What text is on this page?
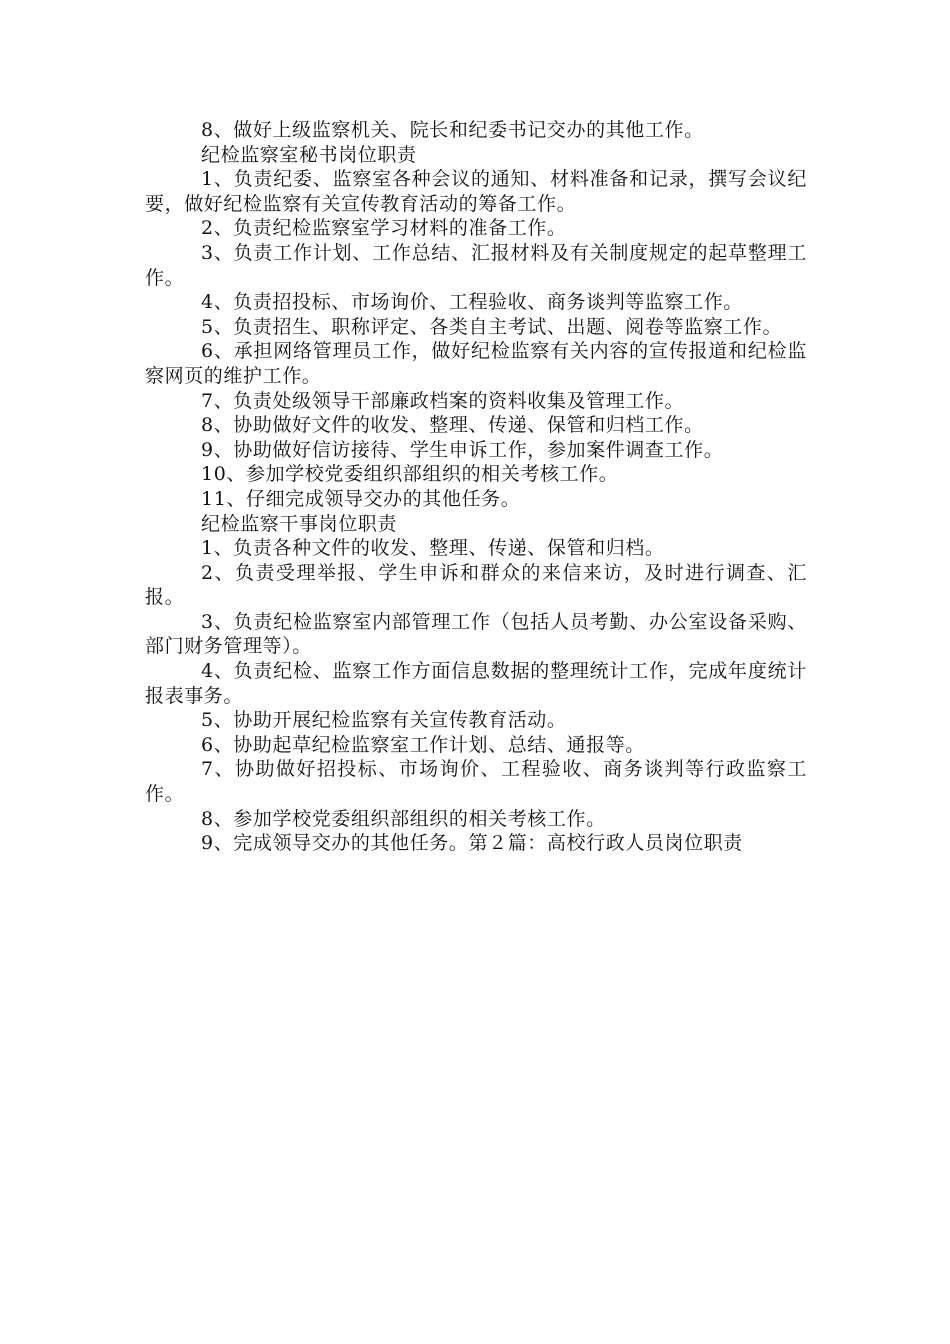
8、做好上级监察机关、院长和纪委书记交办的其他工作。

纪检监察室秘书岗位职责

1、负责纪委、监察室各种会议的通知、材料准备和记录，撰写会议纪要，做好纪检监察有关宣传教育活动的筹备工作。

2、负责纪检监察室学习材料的准备工作。

3、负责工作计划、工作总结、汇报材料及有关制度规定的起草整理工作。

4、负责招投标、市场询价、工程验收、商务谈判等监察工作。

5、负责招生、职称评定、各类自主考试、出题、阅卷等监察工作。

6、承担网络管理员工作，做好纪检监察有关内容的宣传报道和纪检监察网页的维护工作。

7、负责处级领导干部廉政档案的资料收集及管理工作。

8、协助做好文件的收发、整理、传递、保管和归档工作。

9、协助做好信访接待、学生申诉工作，参加案件调查工作。

10、参加学校党委组织部组织的相关考核工作。

11、仔细完成领导交办的其他任务。

纪检监察干事岗位职责

1、负责各种文件的收发、整理、传递、保管和归档。

2、负责受理举报、学生申诉和群众的来信来访，及时进行调查、汇报。

3、负责纪检监察室内部管理工作（包括人员考勤、办公室设备采购、部门财务管理等）。

4、负责纪检、监察工作方面信息数据的整理统计工作，完成年度统计报表事务。

5、协助开展纪检监察有关宣传教育活动。

6、协助起草纪检监察室工作计划、总结、通报等。

7、协助做好招投标、市场询价、工程验收、商务谈判等行政监察工作。

8、参加学校党委组织部组织的相关考核工作。

9、完成领导交办的其他任务。第２篇：高校行政人员岗位职责
